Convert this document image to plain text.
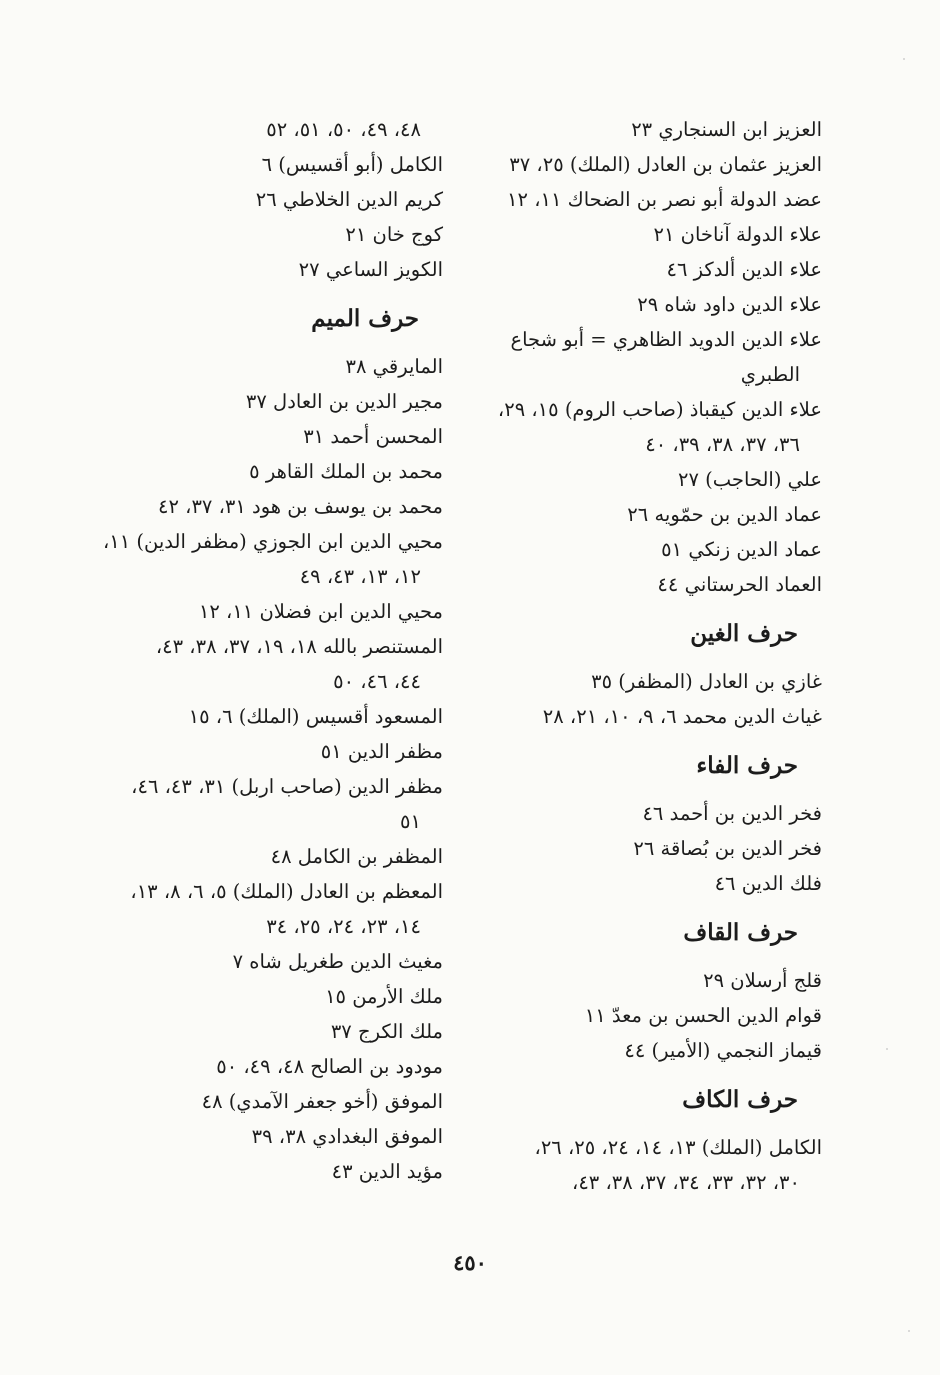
العزيز ابن السنجاري ٢٣
العزيز عثمان بن العادل (الملك) ٢٥، ٣٧
عضد الدولة أبو نصر بن الضحاك ١١، ١٢
علاء الدولة آناخان ٢١
علاء الدين ألدكز ٤٦
علاء الدين داود شاه ٢٩
علاء الدين الدويد الظاهري = أبو شجاع
الطبري
علاء الدين كيقباذ (صاحب الروم) ١٥، ٢٩،
٣٦، ٣٧، ٣٨، ٣٩، ٤٠
علي (الحاجب) ٢٧
عماد الدين بن حمّويه ٢٦
عماد الدين زنكي ٥١
العماد الحرستاني ٤٤
حرف الغين
غازي بن العادل (المظفر) ٣٥
غياث الدين محمد ٦، ٩، ١٠، ٢١، ٢٨
حرف الفاء
فخر الدين بن أحمد ٤٦
فخر الدين بن بُصاقة ٢٦
فلك الدين ٤٦
حرف القاف
قلج أرسلان ٢٩
قوام الدين الحسن بن معدّ ١١
قيماز النجمي (الأمير) ٤٤
حرف الكاف
الكامل (الملك) ١٣، ١٤، ٢٤، ٢٥، ٢٦،
٣٠، ٣٢، ٣٣، ٣٤، ٣٧، ٣٨، ٤٣،
٤٨، ٤٩، ٥٠، ٥١، ٥٢
الكامل (أبو أقسيس) ٦
كريم الدين الخلاطي ٢٦
كوج خان ٢١
الكويز الساعي ٢٧
حرف الميم
المايرقي ٣٨
مجير الدين بن العادل ٣٧
المحسن أحمد ٣١
محمد بن الملك القاهر ٥
محمد بن يوسف بن هود ٣١، ٣٧، ٤٢
محيي الدين ابن الجوزي (مظفر الدين) ١١،
١٢، ١٣، ٤٣، ٤٩
محيي الدين ابن فضلان ١١، ١٢
المستنصر بالله ١٨، ١٩، ٣٧، ٣٨، ٤٣،
٤٤، ٤٦، ٥٠
المسعود أقسيس (الملك) ٦، ١٥
مظفر الدين ٥١
مظفر الدين (صاحب اربل) ٣١، ٤٣، ٤٦،
٥١
المظفر بن الكامل ٤٨
المعظم بن العادل (الملك) ٥، ٦، ٨، ١٣،
١٤، ٢٣، ٢٤، ٢٥، ٣٤
مغيث الدين طغريل شاه ٧
ملك الأرمن ١٥
ملك الكرج ٣٧
مودود بن الصالح ٤٨، ٤٩، ٥٠
الموفق (أخو جعفر الآمدي) ٤٨
الموفق البغدادي ٣٨، ٣٩
مؤيد الدين ٤٣
٤٥٠
